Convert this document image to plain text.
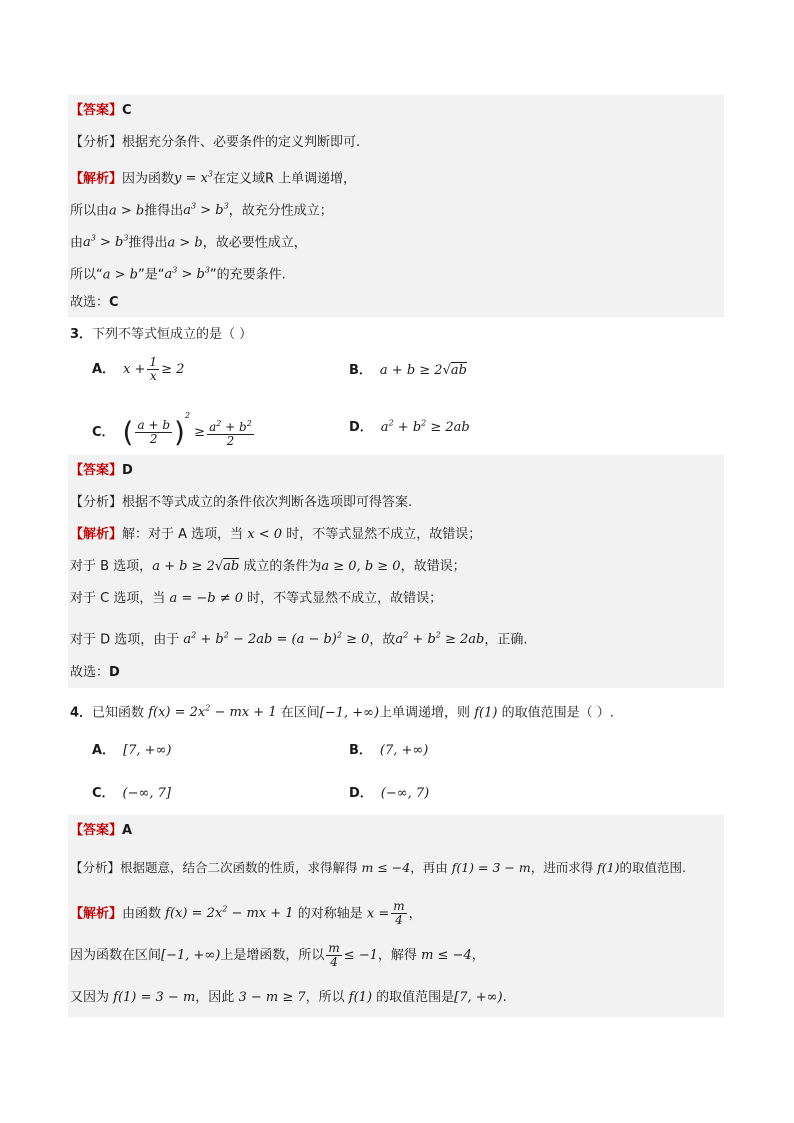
【答案】C
【分析】根据充分条件、必要条件的定义判断即可.
【解析】因为函数$y = x^3$在定义域R 上单调递增，
所以由a > b推得出$a^3 > b^3$，故充分性成立；
由$a^3 > b^3$推得出a > b，故必要性成立，
所以“a > b”是“$a^3 > b^3$”的充要条件.
故选：C
3．下列不等式恒成立的是（ ）
A． $x + \frac{1}{x} \ge 2$	B． a + b ≥ 2√ab
C． ( $\frac{a + b}{2} )^2 \ge \frac{a^2 + b^2}{2}$	D． $a^2 + b^2 \ge 2ab$
【答案】D
【分析】根据不等式成立的条件依次判断各选项即可得答案.
【解析】解：对于 A 选项，当 x < 0 时，不等式显然不成立，故错误；
对于 B 选项，a + b ≥ 2√ab 成立的条件为a ≥ 0, b ≥ 0，故错误；
对于 C 选项，当 a = −b ≠ 0 时，不等式显然不成立，故错误；
对于 D 选项，由于 $a^2 + b^2 - 2ab = (a - b)^2 \ge 0$，故$a^2 + b^2 \ge 2ab$，正确.
故选：D
4．已知函数 $f(x) = 2x^2$ − mx + 1 在区间[−1, +∞)上单调递增，则 f(1) 的取值范围是（ ）.
A． [7, +∞)	B． (7, +∞)
C． (−∞, 7]	D． (−∞, 7)
【答案】A
【分析】根据题意，结合二次函数的性质，求得解得 m ≤ −4，再由 f(1) = 3 − m，进而求得 f(1)的取值范围.
【解析】由函数 $f(x) = 2x^2$ − mx + 1 的对称轴是 $x = \frac{m}{4}$ ，
因为函数在区间[−1, +∞)上是增函数，所以 $\frac{m}{4} \le -1$，解得 m ≤ −4，
又因为 f(1) = 3 − m，因此 3 − m ≥ 7，所以 f(1) 的取值范围是[7, +∞).
